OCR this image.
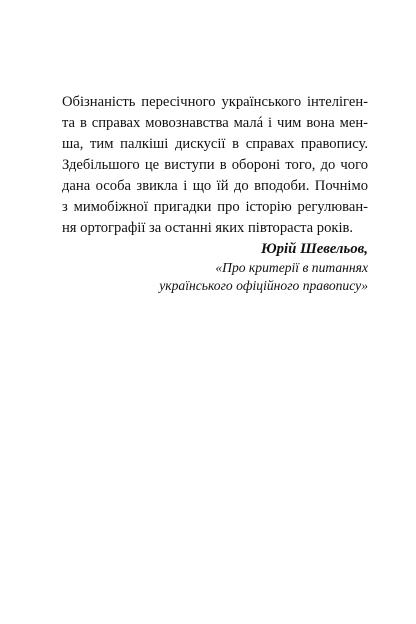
Обізнаність пересічного українського інтеліген-
та в справах мовознавства малá і чим вона мен-
ша, тим палкіші дискусії в справах правопису.
Здебільшого це виступи в обороні того, до чого
дана особа звикла і що їй до вподоби. Почнімо
з мимобіжної пригадки про історію регулюван-
ня ортографії за останні яких півтораста років.

Юрій Шевельов,
«Про критерії в питаннях
українського офіційного правопису»
